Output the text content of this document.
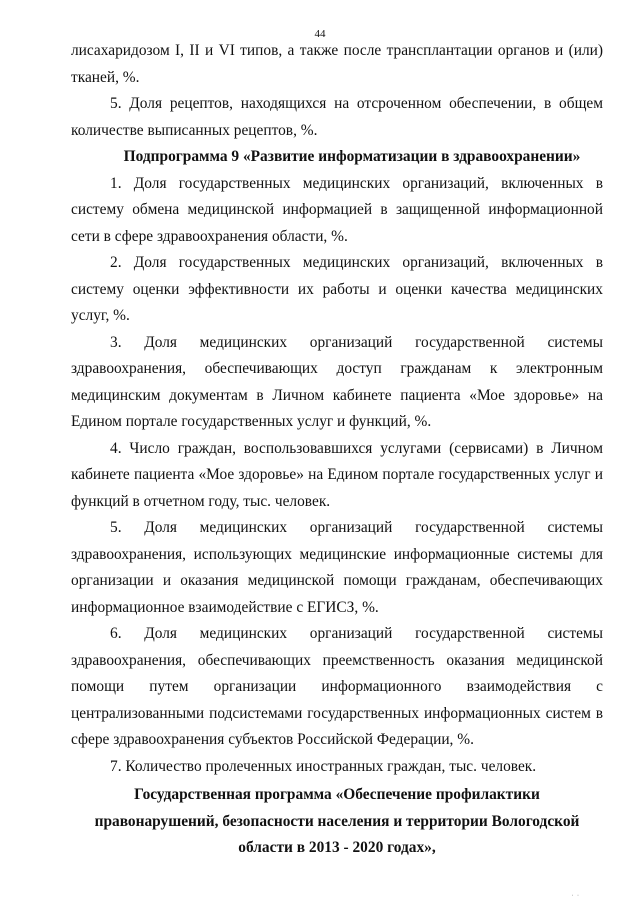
44

лисахаридозом I, II и VI типов, а также после трансплантации органов и (или) тканей, %.

5. Доля рецептов, находящихся на отсроченном обеспечении, в общем количестве выписанных рецептов, %.

Подпрограмма 9 «Развитие информатизации в здравоохранении»

1. Доля государственных медицинских организаций, включенных в систему обмена медицинской информацией в защищенной информационной сети в сфере здравоохранения области, %.

2. Доля государственных медицинских организаций, включенных в систему оценки эффективности их работы и оценки качества медицинских услуг, %.

3. Доля медицинских организаций государственной системы здравоохранения, обеспечивающих доступ гражданам к электронным медицинским документам в Личном кабинете пациента «Мое здоровье» на Едином портале государственных услуг и функций, %.

4. Число граждан, воспользовавшихся услугами (сервисами) в Личном кабинете пациента «Мое здоровье» на Едином портале государственных услуг и функций в отчетном году, тыс. человек.

5. Доля медицинских организаций государственной системы здравоохранения, использующих медицинские информационные системы для организации и оказания медицинской помощи гражданам, обеспечивающих информационное взаимодействие с ЕГИСЗ, %.

6. Доля медицинских организаций государственной системы здравоохранения, обеспечивающих преемственность оказания медицинской помощи путем организации информационного взаимодействия с централизованными подсистемами государственных информационных систем в сфере здравоохранения субъектов Российской Федерации, %.

7. Количество пролеченных иностранных граждан, тыс. человек.

Государственная программа «Обеспечение профилактики правонарушений, безопасности населения и территории Вологодской области в 2013 - 2020 годах»,

· ·
